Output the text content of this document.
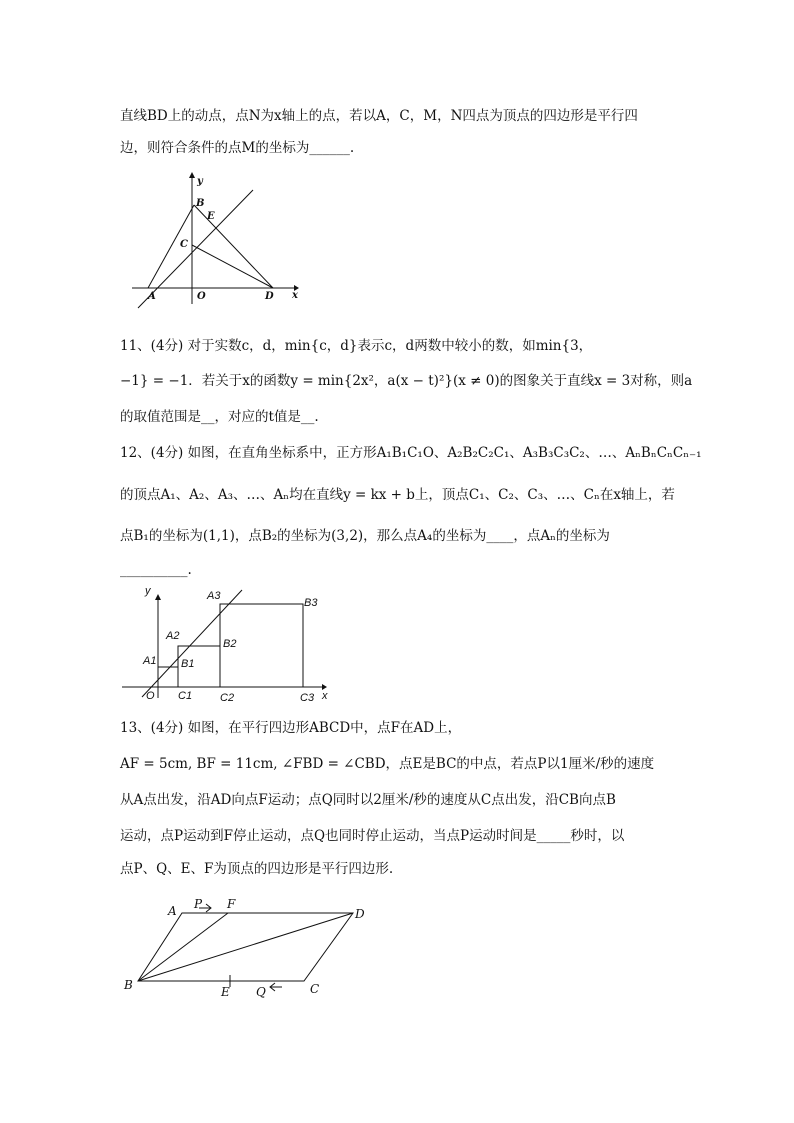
直线BD上的动点，点N为x轴上的点，若以A，C，M，N四点为顶点的四边形是平行四
边，则符合条件的点M的坐标为______.
B
E
C
A	O	D x
y
11、(4分) 对于实数c，d，min{c，d}表示c，d两数中较小的数，如min{3，
−1} = −1．若关于x的函数y = min{2x²，a(x − t)²}(x ≠ 0)的图象关于直线x = 3对称，则a
的取值范围是__，对应的t值是__.
12、(4分) 如图，在直角坐标系中，正方形A₁B₁C₁O、A₂B₂C₂C₁、A₃B₃C₃C₂、…、AₙBₙCₙCₙ₋₁
的顶点A₁、A₂、A₃、…、Aₙ均在直线y = kx + b上，顶点C₁、C₂、C₃、…、Cₙ在x轴上，若
点B₁的坐标为(1,1)，点B₂的坐标为(3,2)，那么点A₄的坐标为____，点Aₙ的坐标为
__________.
y
x
O
A1
A2
A3
B1
B2
B3
C1	C2	C3
13、(4分) 如图，在平行四边形ABCD中，点F在AD上，
AF = 5cm, BF = 11cm, ∠FBD = ∠CBD，点E是BC的中点，若点P以1厘米/秒的速度
从A点出发，沿AD向点F运动；点Q同时以2厘米/秒的速度从C点出发，沿CB向点B
运动，点P运动到F停止运动，点Q也同时停止运动，当点P运动时间是_____秒时，以
点P、Q、E、F为顶点的四边形是平行四边形.
A P F
D
B	E Q	C
